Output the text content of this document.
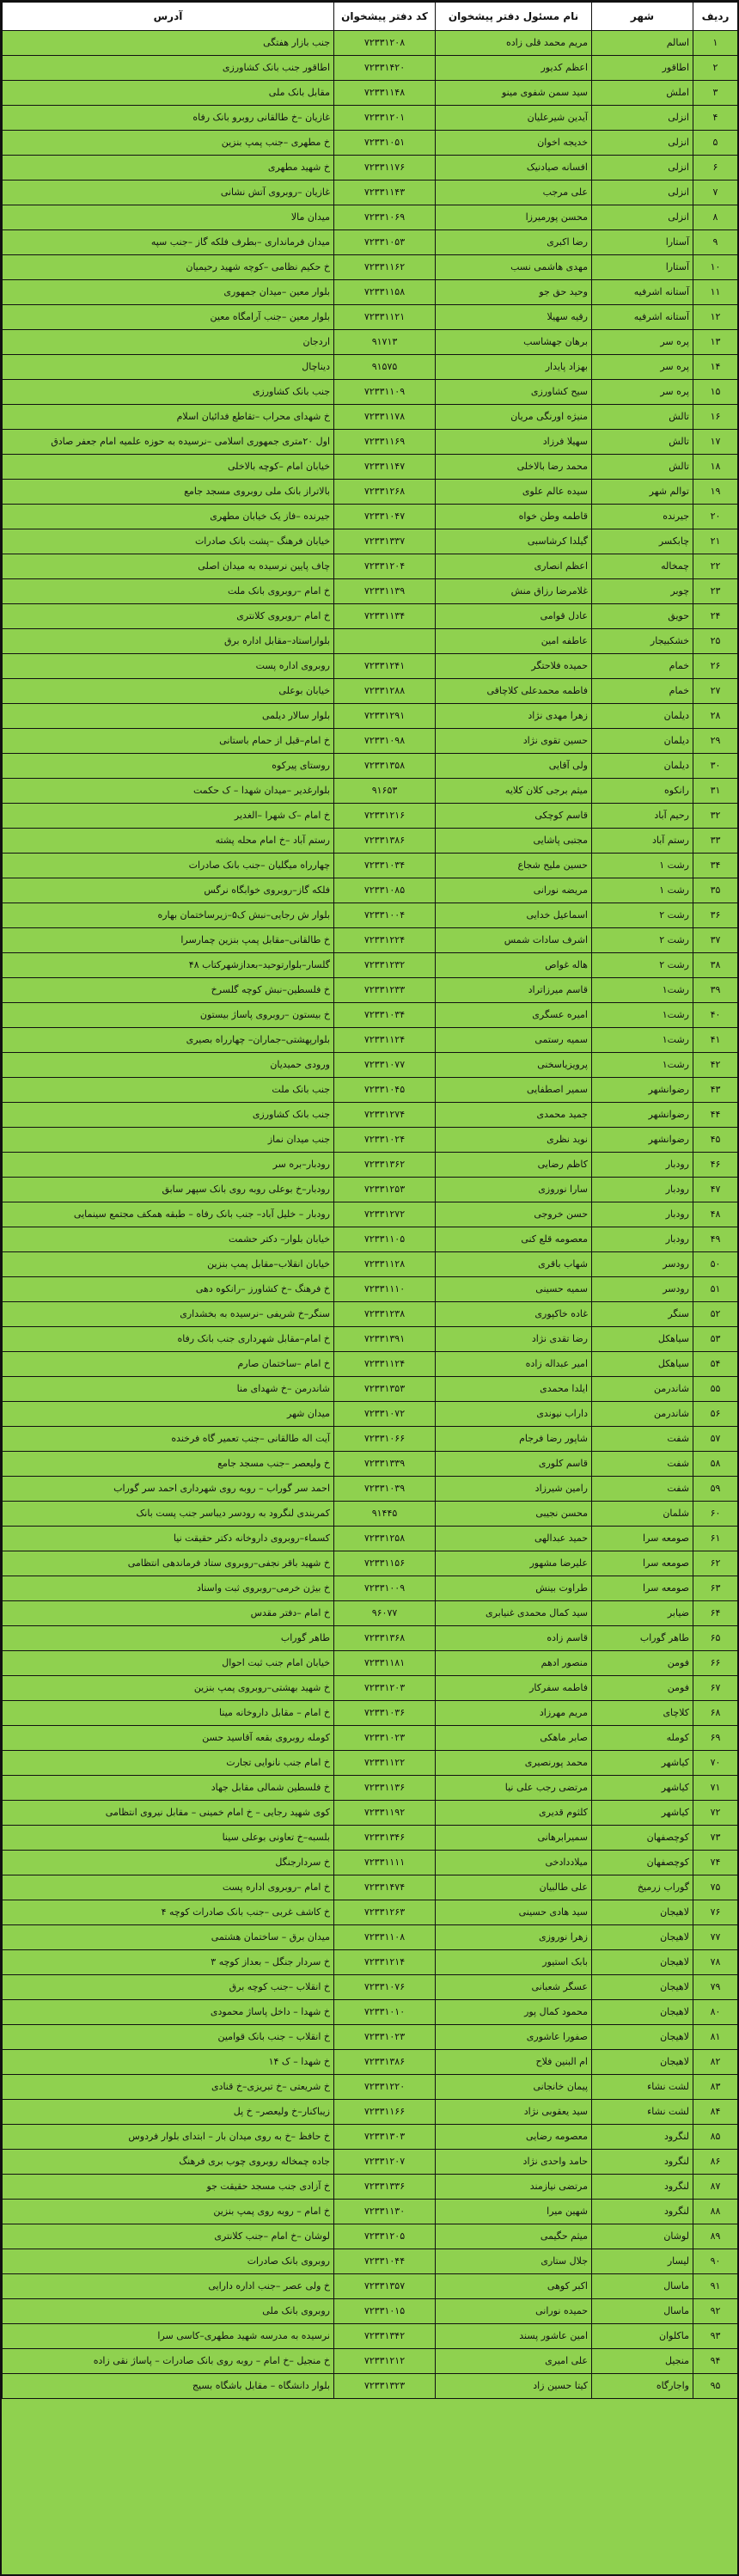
ردیف	شهر	نام مسئول دفتر پیشخوان	کد دفتر پیشخوان	آدرس
۱	اسالم	مریم محمد قلی زاده	۷۲۳۳۱۲۰۸	جنب بازار هفتگی
۲	اطاقور	اعظم کدیور	۷۲۳۳۱۴۲۰	اطاقور جنب بانک کشاورزی
۳	املش	سید سمن شفوی مینو	۷۲۳۳۱۱۴۸	مقابل بانک ملی
۴	انزلی	آیدین شیرعلیان	۷۲۳۳۱۲۰۱	غازیان –خ طالقانی روبرو بانک رفاه
۵	انزلی	خدیجه اخوان	۷۲۳۳۱۰۵۱	خ مطهری –جنب پمپ بنزین
۶	انزلی	افسانه صیادنیک	۷۲۳۳۱۱۷۶	خ شهید مطهری
۷	انزلی	علی مرجب	۷۲۳۳۱۱۴۳	غازیان –روبروی آتش نشانی
۸	انزلی	محسن پورمیرزا	۷۲۳۳۱۰۶۹	میدان مالا
۹	آستارا	رضا اکبری	۷۲۳۳۱۰۵۳	میدان فرمانداری –بطرف فلکه گاز –جنب سپه
۱۰	آستارا	مهدی هاشمی نسب	۷۲۳۳۱۱۶۲	خ حکیم نظامی –کوچه شهید رحیمیان
۱۱	آستانه اشرفیه	وحید حق جو	۷۲۳۳۱۱۵۸	بلوار معین –میدان جمهوری
۱۲	آستانه اشرفیه	رقیه سهیلا	۷۲۳۳۱۱۲۱	بلوار معین –جنب آرامگاه معین
۱۳	پره سر	برهان جهشاسب	۹۱۷۱۳	اردجان
۱۴	پره سر	بهزاد پایدار	۹۱۵۷۵	دیناچال
۱۵	پره سر	سیح کشاورزی	۷۲۳۳۱۱۰۹	جنب بانک کشاورزی
۱۶	تالش	منیژه اورنگی مریان	۷۲۳۳۱۱۷۸	خ شهدای محراب –تقاطع فدائیان اسلام
۱۷	تالش	سهیلا فرزاد	۷۲۳۳۱۱۶۹	اول ۲۰متری جمهوری اسلامی –نرسیده به حوزه علمیه امام جعفر صادق
۱۸	تالش	محمد رضا بالاخلی	۷۲۳۳۱۱۴۷	خیابان امام –کوچه بالاخلی
۱۹	توالم شهر	سیده عالم علوی	۷۲۳۳۱۲۶۸	بالاتراز بانک ملی روبروی مسجد جامع
۲۰	جیرنده	قاطمه وطن خواه	۷۲۳۳۱۰۴۷	جیرنده –فاز یک خیابان مطهری
۲۱	چابکسر	گیلدا کرشاسبی	۷۲۳۳۱۳۳۷	خیابان فرهنگ –پشت بانک صادرات
۲۲	چمخاله	اعظم انصاری	۷۲۳۳۱۲۰۴	چاف پایین نرسیده به میدان اصلی
۲۳	چوبر	غلامرضا رزاق منش	۷۲۳۳۱۱۳۹	خ امام –روبروی بانک ملت
۲۴	حویق	عادل قوامی	۷۲۳۳۱۱۳۴	خ امام –روبروی کلانتری
۲۵	خشکبیجار	عاطفه امین		بلواراستاد–مقابل اداره برق
۲۶	خمام	حمیده فلاحتگر	۷۲۳۳۱۲۴۱	روبروی اداره پست
۲۷	خمام	فاطمه محمدعلی کلاچاقی	۷۲۳۳۱۲۸۸	خیابان بوعلی
۲۸	دیلمان	زهرا مهدی نژاد	۷۲۳۳۱۲۹۱	بلوار سالار دیلمی
۲۹	دیلمان	حسین تقوی نژاد	۷۲۳۳۱۰۹۸	خ امام–قبل از حمام باستانی
۳۰	دیلمان	ولی آقایی	۷۲۳۳۱۳۵۸	روستای پیرکوه
۳۱	رانکوه	میثم برجی کلان کلایه	۹۱۶۵۳	بلوارغدیر –میدان شهدا – ک حکمت
۳۲	رحیم آباد	قاسم کوچکی	۷۲۳۳۱۲۱۶	خ امام –ک شهرا –الغدیر
۳۳	رستم آباد	مجتبی پاشایی	۷۲۳۳۱۳۸۶	رستم آباد –خ امام محله پشته
۳۴	رشت ۱	حسین ملیح شجاع	۷۲۳۳۱۰۳۴	چهارراه میگلیان –جنب بانک صادرات
۳۵	رشت ۱	مریضه نورانی	۷۲۳۳۱۰۸۵	فلکه گاز–روبروی خوابگاه نرگس
۳۶	رشت ۲	اسماعیل خدایی	۷۲۳۳۱۰۰۴	بلوار ش رجایی–نبش ک۵–زیرساختمان بهاره
۳۷	رشت ۲	اشرف سادات شمس	۷۲۳۳۱۲۲۴	خ طالقانی–مقابل پمپ بنزین چمارسرا
۳۸	رشت ۲	هاله غواص	۷۲۳۳۱۲۳۲	گلسار–بلوارتوحید–بعدازشهرکتاب ۴۸
۳۹	رشت۱	قاسم میرزاتراد	۷۲۳۳۱۲۳۳	خ فلسطین–نبش کوچه گلسرخ
۴۰	رشت۱	امیره عسگری	۷۲۳۳۱۰۳۴	خ بیستون –روبروی پاساژ بیستون
۴۱	رشت۱	سمیه رستمی	۷۲۳۳۱۱۲۴	بلوارپهشتی–جماران– چهارراه بصیری
۴۲	رشت۱	پرویزیاسخنی	۷۲۳۳۱۰۷۷	ورودی حمیدیان
۴۳	رضوانشهر	سمیر اصطفایی	۷۲۳۳۱۰۴۵	جنب بانک ملت
۴۴	رضوانشهر	جمید محمدی	۷۲۳۳۱۲۷۴	جنب بانک کشاورزی
۴۵	رضوانشهر	نوید نظری	۷۲۳۳۱۰۲۴	جنب میدان نماز
۴۶	رودبار	کاظم رضایی	۷۲۳۳۱۳۶۲	رودبار–بره سر
۴۷	رودبار	سارا نوروزی	۷۲۳۳۱۲۵۳	رودبار–خ بوعلی روبه روی بانک سپهر سابق
۴۸	رودبار	حسن خروجی	۷۲۳۳۱۲۷۲	رودبار – خلیل آباد– جنب بانک رفاه – طبقه همکف مجتمع سینمایی
۴۹	رودبار	معصومه قلع کنی	۷۲۳۳۱۱۰۵	خیابان بلوار– دکتر حشمت
۵۰	رودسر	شهاب باقری	۷۲۳۳۱۱۲۸	خیابان انقلاب–مقابل پمپ بنزین
۵۱	رودسر	سمیه حسینی	۷۲۳۳۱۱۱۰	خ فرهنگ –خ کشاورز –رانکوه دهی
۵۲	سنگر	غاده خاکپوری	۷۲۳۳۱۲۳۸	سنگر–خ شریفی –نرسیده به بخشداری
۵۳	سیاهکل	رضا تقدی نژاد	۷۲۳۳۱۳۹۱	خ امام–مقابل شهرداری جنب بانک رفاه
۵۴	سیاهکل	امیر عبداله زاده	۷۲۳۳۱۱۲۴	خ امام –ساختمان صارم
۵۵	شاندرمن	ایلدا محمدی	۷۲۳۳۱۳۵۳	شاندرمن –خ شهدای منا
۵۶	شاندرمن	داراب نیوندی	۷۲۳۳۱۰۷۲	میدان شهر
۵۷	شفت	شاپور رضا فرجام	۷۲۳۳۱۰۶۶	آیت اله طالقانی –جنب تعمیر گاه فرخنده
۵۸	شفت	قاسم کلوری	۷۲۳۳۱۳۳۹	خ ولیعصر –جنب مسجد جامع
۵۹	شفت	رامین شیرزاد	۷۲۳۳۱۰۳۹	احمد سر گوراب – روبه روی شهرداری احمد سر گوراب
۶۰	شلمان	محسن نجیبی	۹۱۴۴۵	کمربندی لنگرود به رودسر دیباسر جنب پست بانک
۶۱	صومعه سرا	حمید عبدالهی	۷۲۳۳۱۲۵۸	کسماء–روبروی داروخانه دکتر حقیقت نیا
۶۲	صومعه سرا	علیرضا مشهور	۷۲۳۳۱۱۵۶	خ شهید باقر نجفی–روبروی ستاد فرماندهی انتظامی
۶۳	صومعه سرا	طراوت بینش	۷۲۳۳۱۰۰۹	خ بیژن خرمی–روبروی ثبت واسناد
۶۴	ضیابر	سید کمال محمدی غنیابری	۹۶۰۷۷	خ امام –دفتر مقدس
۶۵	طاهر گوراب	قاسم زاده	۷۲۳۳۱۳۶۸	طاهر گوراب
۶۶	فومن	منصور ادهم	۷۲۳۳۱۱۸۱	خیابان امام جنب ثبت احوال
۶۷	فومن	فاطمه سفرکار	۷۲۳۳۱۲۰۳	خ شهید بهشتی–روبروی پمپ بنزین
۶۸	کلاچای	مریم مهرزاد	۷۲۳۳۱۰۳۶	خ امام – مقابل داروخانه مینا
۶۹	کومله	صابر ماهکی	۷۲۳۳۱۰۲۳	کومله روبروی بقعه آقاسید حسن
۷۰	کیاشهر	محمد پورنصیری	۷۲۳۳۱۱۲۲	خ امام جنب نانوایی تجارت
۷۱	کیاشهر	مرتضی رجب علی نیا	۷۲۳۳۱۱۳۶	خ فلسطین شمالی مقابل جهاد
۷۲	کیاشهر	کلثوم قدیری	۷۲۳۳۱۱۹۲	کوی شهید رجایی – خ امام خمینی – مقابل نیروی انتظامی
۷۳	کوچصفهان	سمیرابرهانی	۷۲۳۳۱۳۴۶	بلسبه–خ تعاونی بوعلی سینا
۷۴	کوچصفهان	میلاددادخی	۷۲۳۳۱۱۱۱	خ سردارجنگل
۷۵	گوراب زرمیخ	علی طالبیان	۷۲۳۳۱۴۷۴	خ امام –روبروی اداره پست
۷۶	لاهیجان	سید هادی حسینی	۷۲۳۳۱۲۶۳	خ کاشف غربی –جنب بانک صادرات کوچه ۴
۷۷	لاهیجان	زهرا نوروزی	۷۲۳۳۱۱۰۸	میدان برق – ساختمان هشتمی
۷۸	لاهیجان	بابک استیور	۷۲۳۳۱۲۱۴	خ سردار جنگل – بعداز کوچه ۳
۷۹	لاهیجان	عسگر شعبانی	۷۲۳۳۱۰۷۶	خ انقلاب –جنب کوچه برق
۸۰	لاهیجان	محمود کمال پور	۷۲۳۳۱۰۱۰	خ شهدا – داخل پاساژ محمودی
۸۱	لاهیجان	صفورا عاشوری	۷۲۳۳۱۰۲۳	خ انقلاب – جنب بانک قوامین
۸۲	لاهیجان	ام البنین فلاح	۷۲۳۳۱۳۸۶	خ شهدا – ک ۱۴
۸۳	لشت نشاء	پیمان خانجانی	۷۲۳۳۱۲۲۰	خ شریعتی –خ تبریزی–خ قنادی
۸۴	لشت نشاء	سید یعقوبی نژاد	۷۲۳۳۱۱۶۶	زیباکنار–خ ولیعصر– خ پل
۸۵	لنگرود	معصومه رضایی	۷۲۳۳۱۳۰۳	خ حافظ –خ به روی میدان بار – ابتدای بلوار فردوس
۸۶	لنگرود	حامد واحدی نژاد	۷۲۳۳۱۲۰۷	جاده چمخاله روبروی چوب بری فرهنگ
۸۷	لنگرود	مرتضی نیازمند	۷۲۳۳۱۳۳۶	خ آزادی جنب مسجد حقیقت جو
۸۸	لنگرود	شهین میرا	۷۲۳۳۱۱۳۰	خ امام – روبه روی پمپ بنزین
۸۹	لوشان	میثم حگیمی	۷۲۳۳۱۲۰۵	لوشان –خ امام –جنب کلانتری
۹۰	لیسار	جلال ستاری	۷۲۳۳۱۰۴۴	روبروی بانک صادرات
۹۱	ماسال	اکبر کوهی	۷۲۳۳۱۳۵۷	خ ولی عصر –جنب اداره دارایی
۹۲	ماسال	حمیده نورانی	۷۲۳۳۱۰۱۵	روبروی بانک ملی
۹۳	ماکلوان	امین عاشور پسند	۷۲۳۳۱۳۴۲	نرسیده به مدرسه شهید مطهری–کاسی سرا
۹۴	منجیل	علی امیری	۷۲۳۳۱۲۱۲	خ منجیل –خ امام – روبه روی بانک صادرات – پاساژ نقی زاده
۹۵	واجارگاه	کیتا حسین زاد	۷۲۳۳۱۳۲۳	بلوار دانشگاه – مقابل باشگاه بسیج
